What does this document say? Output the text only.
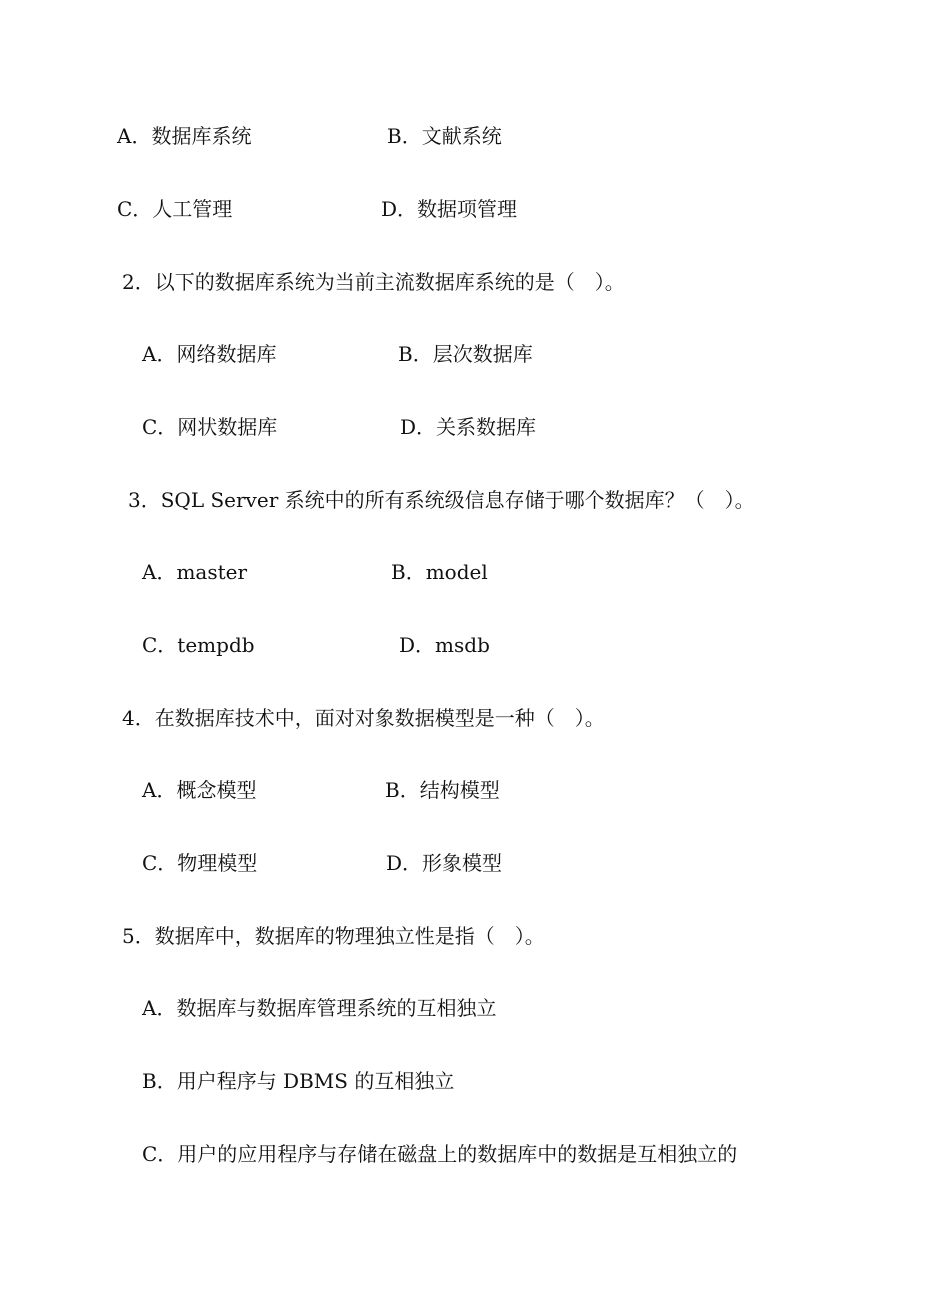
A．数据库系统	B．文献系统
C．人工管理	D．数据项管理
2．以下的数据库系统为当前主流数据库系统的是（　）。
A．网络数据库	B．层次数据库
C．网状数据库	D．关系数据库
3．SQL Server 系统中的所有系统级信息存储于哪个数据库？（　）。
A．master	B．model
C．tempdb	D．msdb
4．在数据库技术中，面对对象数据模型是一种（　）。
A．概念模型	B．结构模型
C．物理模型	D．形象模型
5．数据库中，数据库的物理独立性是指（　）。
A．数据库与数据库管理系统的互相独立
B．用户程序与 DBMS 的互相独立
C．用户的应用程序与存储在磁盘上的数据库中的数据是互相独立的
